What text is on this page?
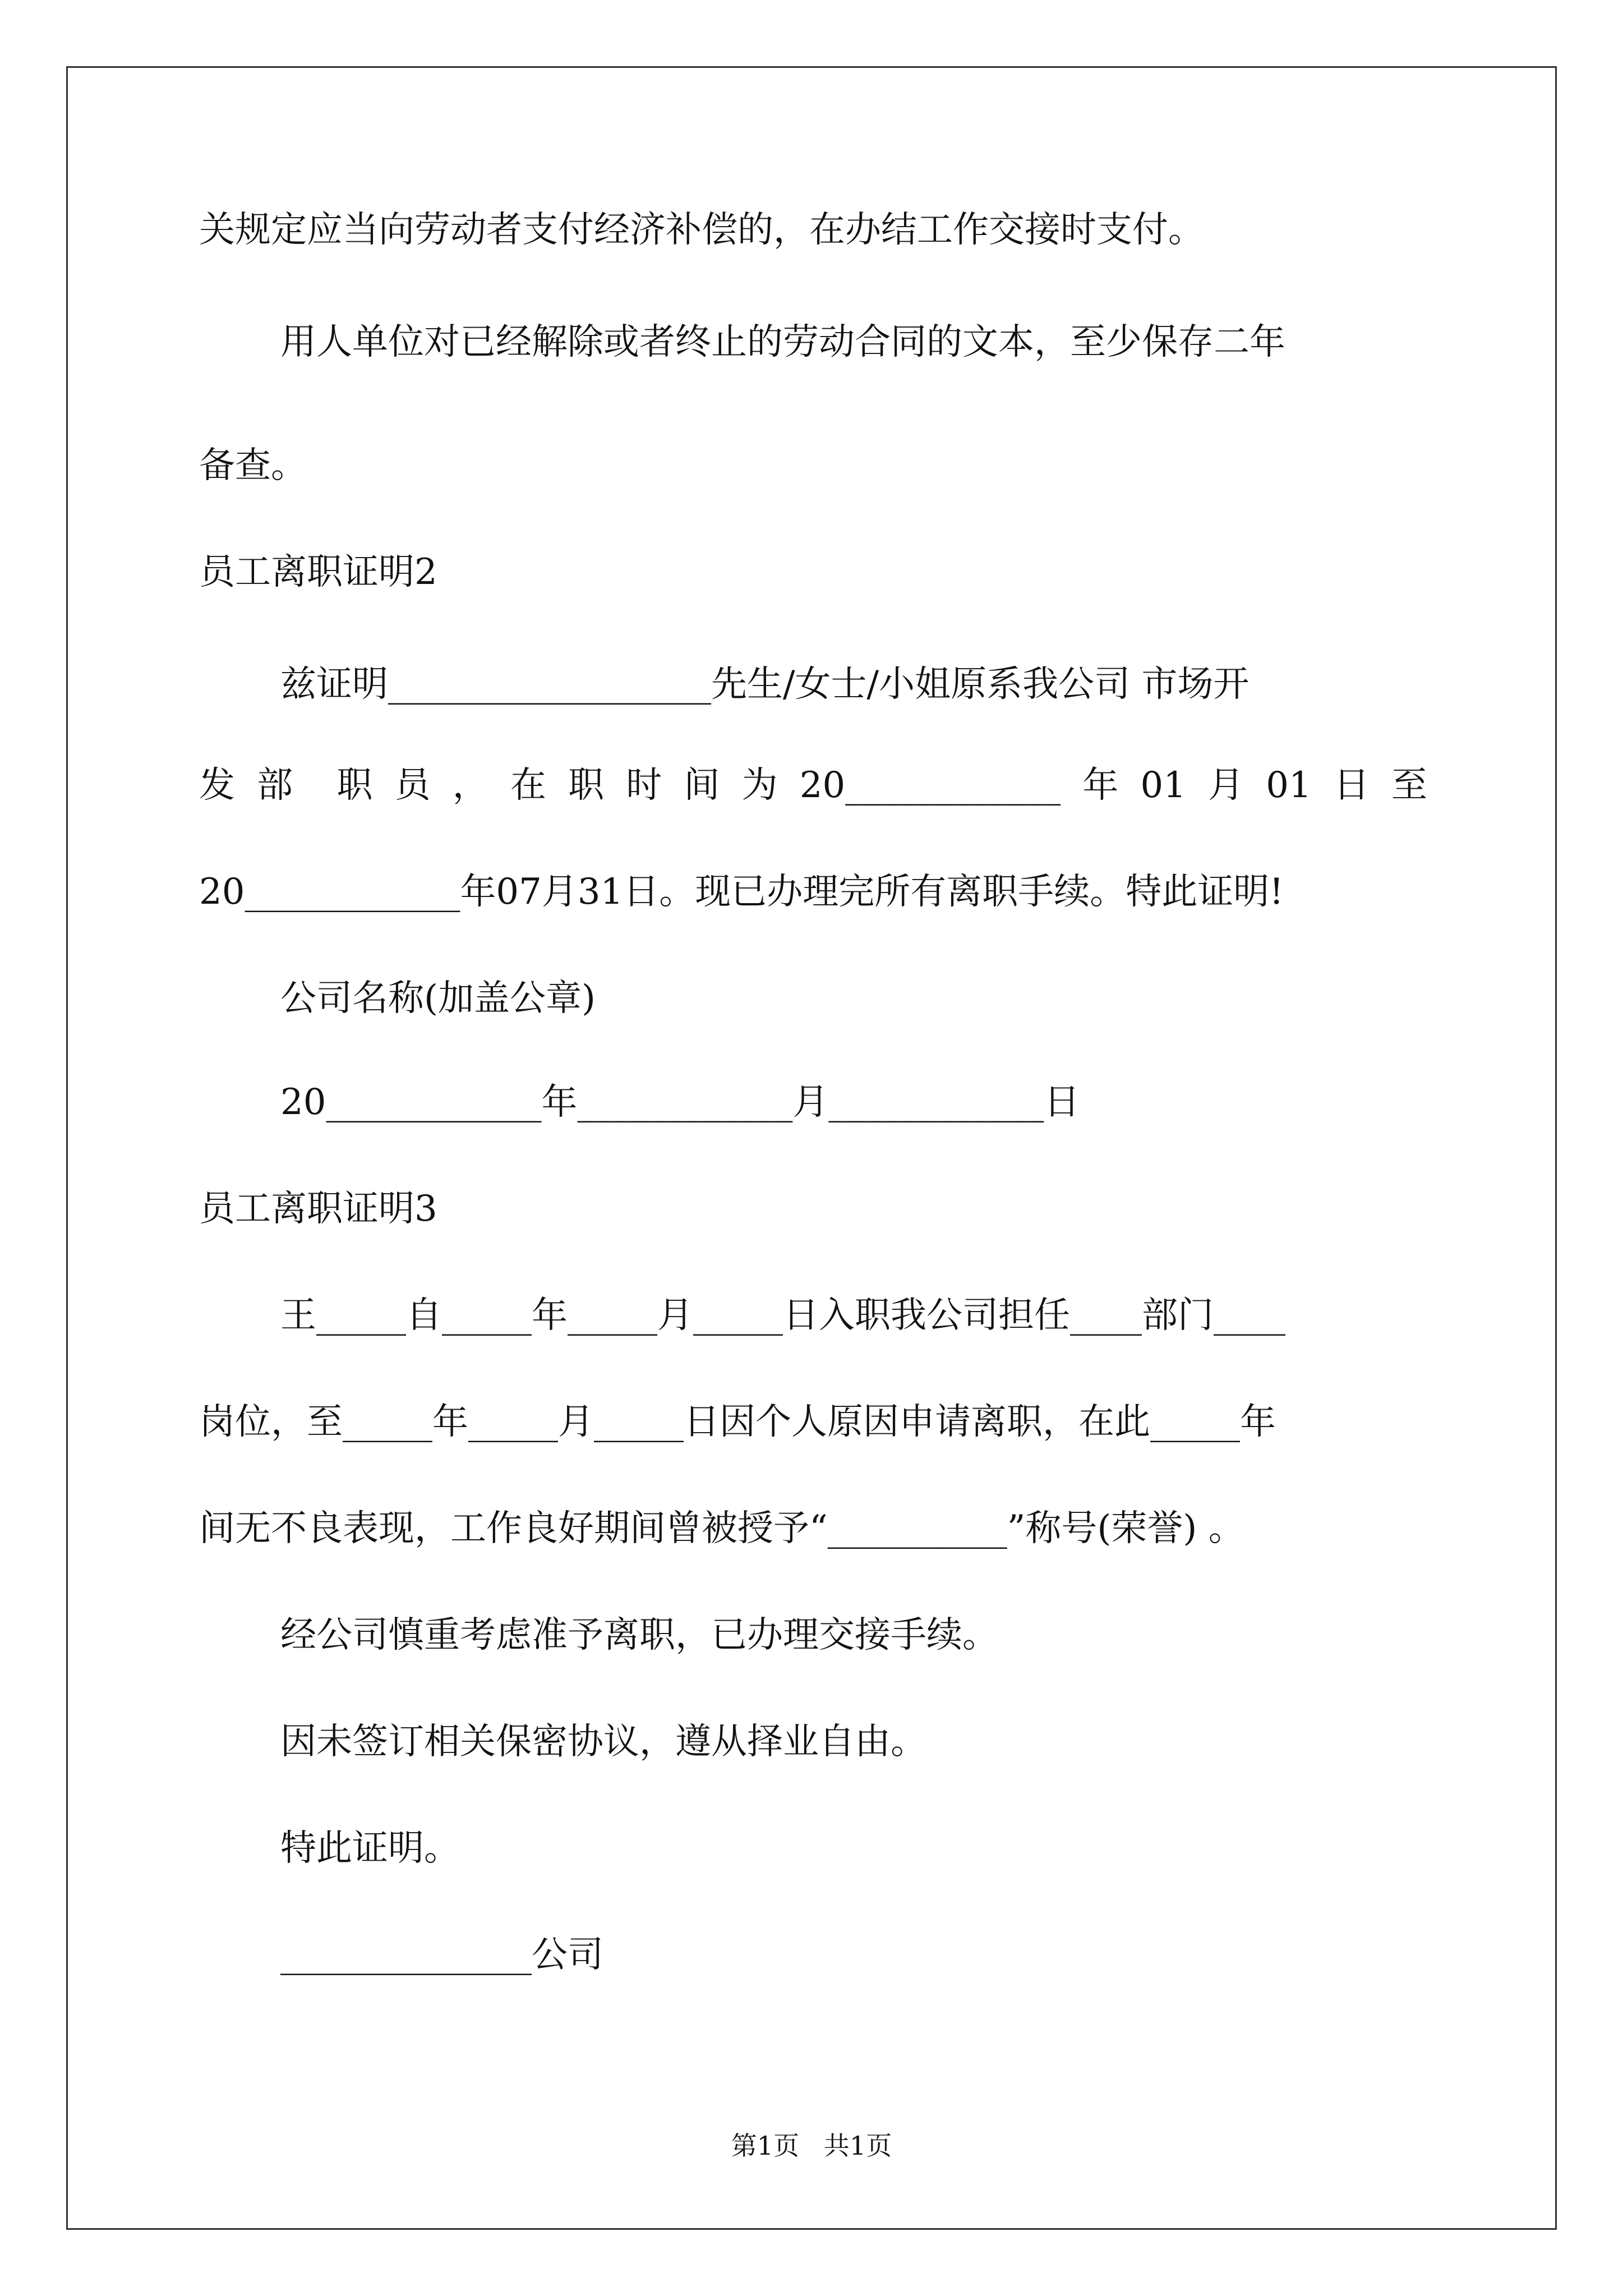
关规定应当向劳动者支付经济补偿的，在办结工作交接时支付。
用人单位对已经解除或者终止的劳动合同的文本，至少保存二年
备查。
员工离职证明2
兹证明__________________先生/女士/小姐原系我公司 市场开
发 部 职 员 ， 在 职 时 间 为 20____________ 年 01 月 01 日 至
20____________年07月31日。现已办理完所有离职手续。特此证明!
公司名称(加盖公章)
20____________年____________月____________日
员工离职证明3
王_____自_____年_____月_____日入职我公司担任____部门____
岗位，至_____年_____月_____日因个人原因申请离职，在此_____年
间无不良表现，工作良好期间曾被授予“__________”称号(荣誉) 。
经公司慎重考虑准予离职，已办理交接手续。
因未签订相关保密协议，遵从择业自由。
特此证明。
______________公司
第1页   共1页
